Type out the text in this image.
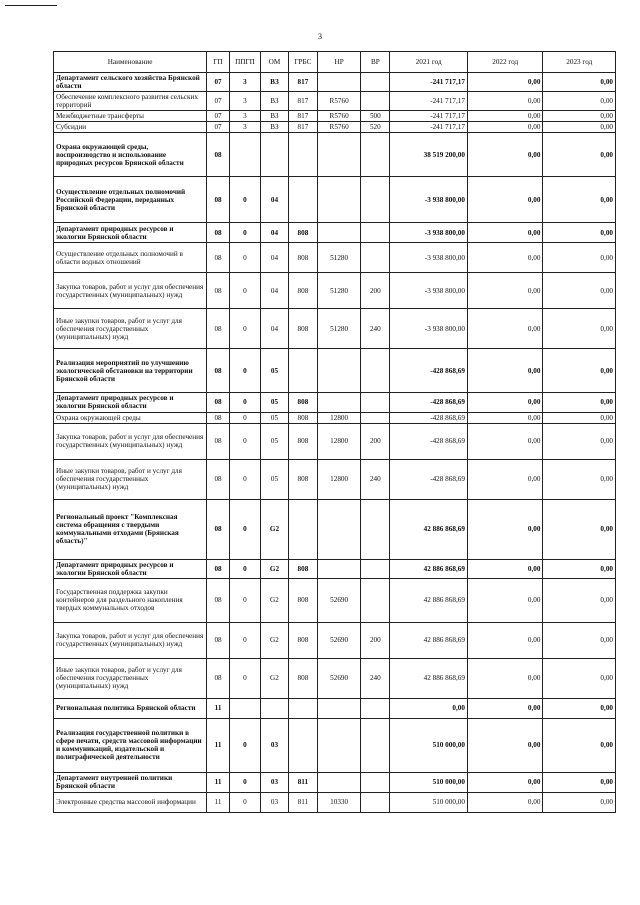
3
Наименование	ГП	ППГП	ОМ	ГРБС	НР	ВР	2021 год	2022 год	2023 год
Департамент сельского хозяйства Брянской области	07	3	ВЗ	817			-241 717,17	0,00	0,00
Обеспечение комплексного развития сельских территорий	07	3	ВЗ	817	R5760		-241 717,17	0,00	0,00
Межбюджетные трансферты	07	3	ВЗ	817	R5760	500	-241 717,17	0,00	0,00
Субсидии	07	3	ВЗ	817	R5760	520	-241 717,17	0,00	0,00
Охрана окружающей среды, воспроизводство и использование природных ресурсов Брянской области	08						38 519 200,00	0,00	0,00
Осуществление отдельных полномочий Российской Федерации, переданных Брянской области	08	0	04				-3 938 800,00	0,00	0,00
Департамент природных ресурсов и экологии Брянской области	08	0	04	808			-3 938 800,00	0,00	0,00
Осуществление отдельных полномочий в области водных отношений	08	0	04	808	51280		-3 938 800,00	0,00	0,00
Закупка товаров, работ и услуг для обеспечения государственных (муниципальных) нужд	08	0	04	808	51280	200	-3 938 800,00	0,00	0,00
Иные закупки товаров, работ и услуг для обеспечения государственных (муниципальных) нужд	08	0	04	808	51280	240	-3 938 800,00	0,00	0,00
Реализация мероприятий по улучшению экологической обстановки на территории Брянской области	08	0	05				-428 868,69	0,00	0,00
Департамент природных ресурсов и экологии Брянской области	08	0	05	808			-428 868,69	0,00	0,00
Охрана окружающей среды	08	0	05	808	12800		-428 868,69	0,00	0,00
Закупка товаров, работ и услуг для обеспечения государственных (муниципальных) нужд	08	0	05	808	12800	200	-428 868,69	0,00	0,00
Иные закупки товаров, работ и услуг для обеспечения государственных (муниципальных) нужд	08	0	05	808	12800	240	-428 868,69	0,00	0,00
Региональный проект "Комплексная система обращения с твердыми коммунальными отходами (Брянская область)"	08	0	G2				42 886 868,69	0,00	0,00
Департамент природных ресурсов и экологии Брянской области	08	0	G2	808			42 886 868,69	0,00	0,00
Государственная поддержка закупки контейнеров для раздельного накопления твердых коммунальных отходов	08	0	G2	808	52690		42 886 868,69	0,00	0,00
Закупка товаров, работ и услуг для обеспечения государственных (муниципальных) нужд	08	0	G2	808	52690	200	42 886 868,69	0,00	0,00
Иные закупки товаров, работ и услуг для обеспечения государственных (муниципальных) нужд	08	0	G2	808	52690	240	42 886 868,69	0,00	0,00
Региональная политика Брянской области	11						0,00	0,00	0,00
Реализация государственной политики в сфере печати, средств массовой информации и коммуникаций, издательской и полиграфической деятельности	11	0	03				510 000,00	0,00	0,00
Департамент внутренней политики Брянской области	11	0	03	811			510 000,00	0,00	0,00
Электронные средства массовой информации	11	0	03	811	10330		510 000,00	0,00	0,00
